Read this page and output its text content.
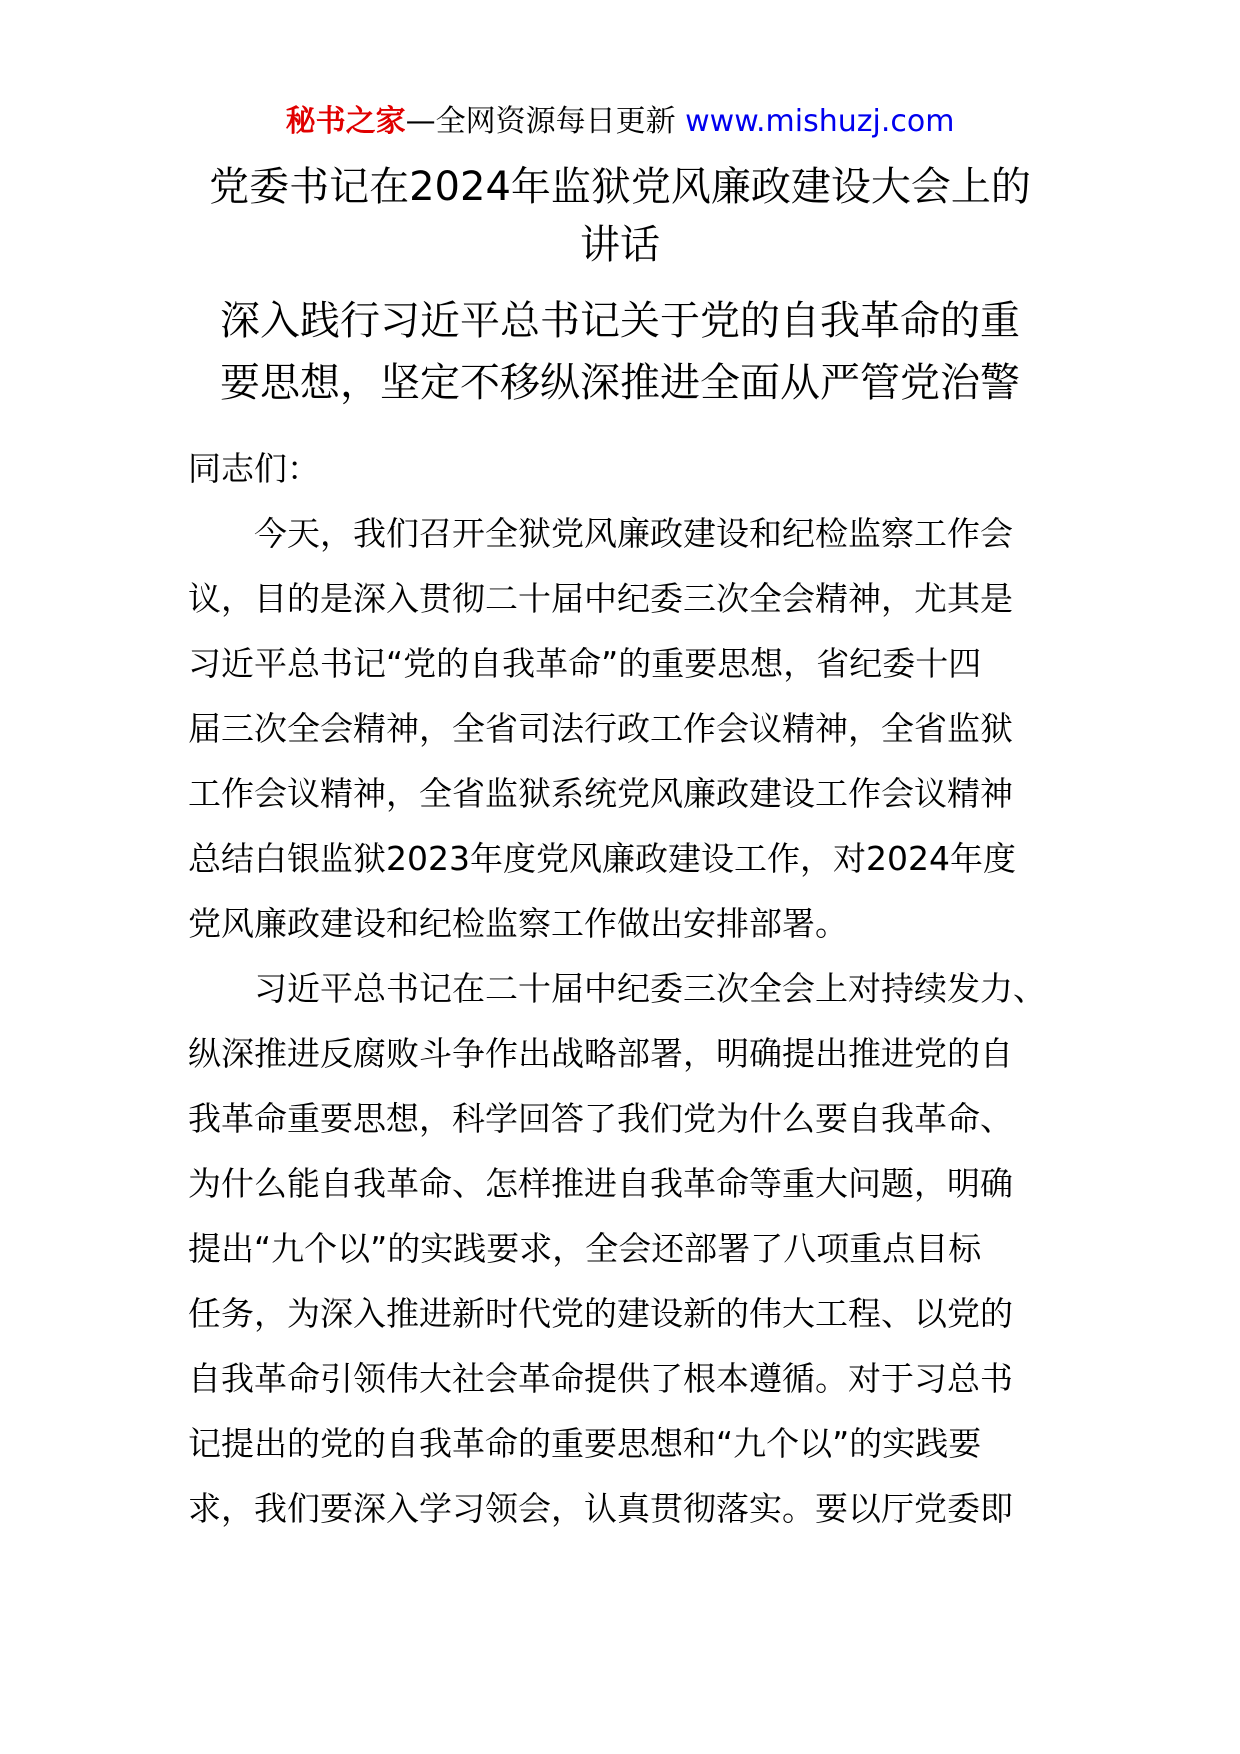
秘书之家—全网资源每日更新 www.mishuzj.com
党委书记在2024年监狱党风廉政建设大会上的
讲话
深入践行习近平总书记关于党的自我革命的重
要思想，坚定不移纵深推进全面从严管党治警

同志们：

今天，我们召开全狱党风廉政建设和纪检监察工作会
议，目的是深入贯彻二十届中纪委三次全会精神，尤其是
习近平总书记“党的自我革命”的重要思想，省纪委十四
届三次全会精神，全省司法行政工作会议精神，全省监狱
工作会议精神，全省监狱系统党风廉政建设工作会议精神
总结白银监狱2023年度党风廉政建设工作，对2024年度
党风廉政建设和纪检监察工作做出安排部署。

习近平总书记在二十届中纪委三次全会上对持续发力、
纵深推进反腐败斗争作出战略部署，明确提出推进党的自
我革命重要思想，科学回答了我们党为什么要自我革命、
为什么能自我革命、怎样推进自我革命等重大问题，明确
提出“九个以”的实践要求，全会还部署了八项重点目标
任务，为深入推进新时代党的建设新的伟大工程、以党的
自我革命引领伟大社会革命提供了根本遵循。对于习总书
记提出的党的自我革命的重要思想和“九个以”的实践要
求，我们要深入学习领会，认真贯彻落实。要以厅党委即
